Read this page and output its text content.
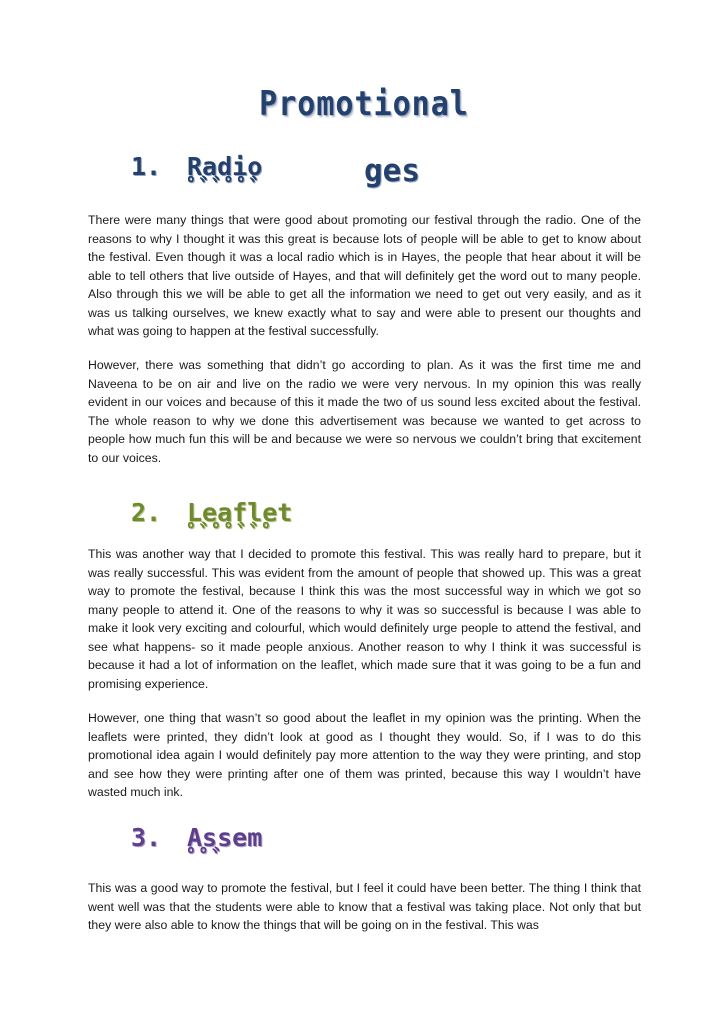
Promotional
1. Radio	ges
ﾟﾞﾞﾟﾟﾞ

There were many things that were good about promoting our festival through the radio. One of the reasons to why I thought it was this great is because lots of people will be able to get to know about the festival. Even though it was a local radio which is in Hayes, the people that hear about it will be able to tell others that live outside of Hayes, and that will definitely get the word out to many people. Also through this we will be able to get all the information we need to get out very easily, and as it was us talking ourselves, we knew exactly what to say and were able to present our thoughts and what was going to happen at the festival successfully.

However, there was something that didn’t go according to plan. As it was the first time me and Naveena to be on air and live on the radio we were very nervous. In my opinion this was really evident in our voices and because of this it made the two of us sound less excited about the festival. The whole reason to why we done this advertisement was because we wanted to get across to people how much fun this will be and because we were so nervous we couldn’t bring that excitement to our voices.

2. Leaflet
ﾟﾞﾟﾟﾞﾞﾟ

This was another way that I decided to promote this festival. This was really hard to prepare, but it was really successful. This was evident from the amount of people that showed up. This was a great way to promote the festival, because I think this was the most successful way in which we got so many people to attend it. One of the reasons to why it was so successful is because I was able to make it look very exciting and colourful, which would definitely urge people to attend the festival, and see what happens- so it made people anxious. Another reason to why I think it was successful is because it had a lot of information on the leaflet, which made sure that it was going to be a fun and promising experience.

However, one thing that wasn’t so good about the leaflet in my opinion was the printing. When the leaflets were printed, they didn’t look at good as I thought they would. So, if I was to do this promotional idea again I would definitely pay more attention to the way they were printing, and stop and see how they were printing after one of them was printed, because this way I wouldn’t have wasted much ink.

3. Assem
ﾟﾟﾞ

This was a good way to promote the festival, but I feel it could have been better. The thing I think that went well was that the students were able to know that a festival was taking place. Not only that but they were also able to know the things that will be going on in the festival. This was
